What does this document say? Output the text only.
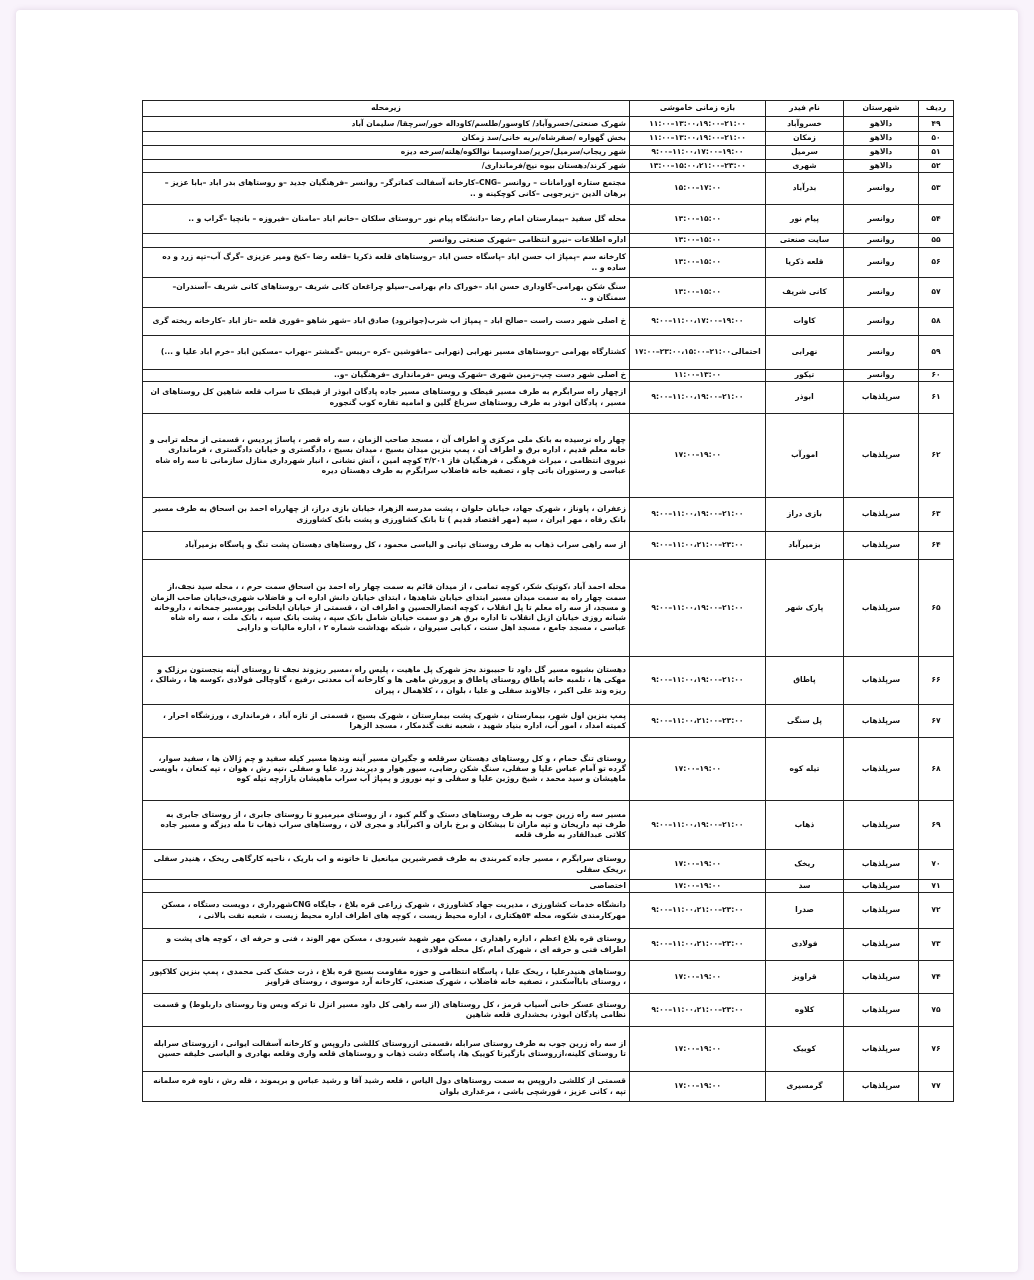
ردیف	شهرستان	نام فیدر	بازه زمانی خاموشی	زیرمحله
۴۹	دالاهو	خسروآباد	۱۱:۰۰–۱۳:۰۰،۱۹:۰۰–۲۱:۰۰	شهرک صنعتی/خسروآباد/ کاوسور/طلسم/کاوداله خور/سرچقا/ سلیمان آباد
۵۰	دالاهو	زمکان	۱۱:۰۰–۱۳:۰۰،۱۹:۰۰–۲۱:۰۰	بخش گهواره /صفرشاه/بریه خانی/سد زمکان
۵۱	دالاهو	سرمیل	۹:۰۰–۱۱:۰۰،۱۷:۰۰–۱۹:۰۰	شهر ریجاب/سرمیل/حریر/صداوسیما نوالکوه/هلته/سرخه دیزه
۵۲	دالاهو	شهری	۱۳:۰۰–۱۵:۰۰،۲۱:۰۰–۲۳:۰۰	شهر کرند/دهستان بیوه نیج/فرمانداری/
۵۳	روانسر	بدرآباد	۱۵:۰۰–۱۷:۰۰	مجتمع ستاره اورامانات – روانسر –CNG–کارخانه آسفالت کماترگر– روانسر –فرهنگیان جدید –و روستاهای بدر اباد –بابا عزیز –برهان الدین –زیرجویی –کانی کوچکینه و ..
۵۴	روانسر	پیام نور	۱۳:۰۰–۱۵:۰۰	محله گل سفید –بیمارستان امام رضا –دانشگاه پیام نور –روستای سلکان –خانم اباد –مامنان –فیروزه – بانچیا –گراب و ..
۵۵	روانسر	سایت صنعتی	۱۳:۰۰–۱۵:۰۰	اداره اطلاعات –نیرو انتظامی –شهرک صنعتی روانسر
۵۶	روانسر	قلعه ذکریا	۱۳:۰۰–۱۵:۰۰	کارخانه سم –پمپاژ اب حسن اباد –پاسگاه حسن اباد –روستاهای قلعه ذکریا –قلعه رضا –کیخ ومیر عزیزی –گرگ آب–تپه زرد و ده ساده و ..
۵۷	روانسر	کانی شریف	۱۳:۰۰–۱۵:۰۰	سنگ شکن بهرامی–گاوداری حسن اباد –خوراک دام بهرامی–سیلو چراغعان کانی شریف –روستاهای کانی شریف –آسندران–سمنگان و ..
۵۸	روانسر	کاوات	۹:۰۰–۱۱:۰۰،۱۷:۰۰–۱۹:۰۰	خ اصلی شهر دست راست –صالح اباد – پمپاژ اب شرب(جوانرود) صادق اباد –شهر شاهو –قوری قلعه –تاز اباد –کارخانه ریخته گری
۵۹	روانسر	نهرابی	احتمالی۲۱:۰۰–۲۳:۰۰،۱۵:۰۰–۱۷:۰۰	کشتارگاه بهرامی –روستاهای مسیر نهرابی (نهرابی –ماقوشین –کره –ریبس –گمشتر –نهراب –مسکین اباد –خرم اباد علیا و ...)
۶۰	روانسر	تیکور	۱۱:۰۰–۱۳:۰۰	خ اصلی شهر دست چپ–زمین شهری –شهرک ویس –فرمانداری –فرهنگیان –و..
۶۱	سرپلذهاب	ابوذر	۹:۰۰–۱۱:۰۰،۱۹:۰۰–۲۱:۰۰	ازچهار راه سرابگرم به طرف مسیر قیطک و روستاهای مسیر جاده پادگان ابوذر از قیطک تا سراب قلعه شاهین کل روستاهای ان مسیر ، پادگان ابوذر به طرف روستاهای سرباغ گلین و امامیه تقاره کوب گنجوره
۶۲	سرپلذهاب	امورآب	۱۷:۰۰–۱۹:۰۰	چهار راه نرسیده به بانک ملی مرکزی و اطراف آن ، مسجد صاحب الزمان ، سه راه قصر ، پاساژ پردیس ، قسمتی از محله ترابی و خانه معلم قدیم ، اداره برق و اطراف آن ، پمپ بنزین میدان بسیج ، میدان بسیج ، دادگستری و خیابان دادگستری ، فرمانداری نیروی انتظامی ، میراث فرهنگی ، فرهنگیان فاز ۳/۲۰۱ کوچه امین ، آتش نشانی ، انبار شهرداری منازل سازمانی تا سه راه شاه عباسی و رستوران باتی چاو ، تصفیه خانه فاضلاب سرابگرم به طرف دهستان دیره
۶۳	سرپلذهاب	بازی دراز	۹:۰۰–۱۱:۰۰،۱۹:۰۰–۲۱:۰۰	زعفران ، پاوناز ، شهرک جهاد، خیابان حلوان ، پشت مدرسه الزهرا، خیابان بازی دراز، از چهارراه احمد بن اسحاق به طرف مسیر بانک رفاه ، مهر ایران ، سپه (مهر اقتصاد قدیم ) تا بانک کشاورزی و پشت بانک کشاورزی
۶۴	سرپلذهاب	بزمیرآباد	۹:۰۰–۱۱:۰۰،۲۱:۰۰–۲۳:۰۰	از سه راهی سراب ذهاب به طرف روستای تپانی و الیاسی محمود ، کل روستاهای دهستان پشت تنگ و پاسگاه بزمیرآباد
۶۵	سرپلذهاب	پارک شهر	۹:۰۰–۱۱:۰۰،۱۹:۰۰–۲۱:۰۰	محله احمد آباد ،کوتیک شکر، کوچه تمامی ، از میدان قائم به سمت چهار راه احمد بن اسحاق سمت حرم ، ، محله سید نجف،از سمت چهار راه به سمت میدان مسیر ابتدای خیابان شاهدها ، ابتدای خیابان دانش اداره اب و فاضلاب شهری،خیابان صاحب الزمان و مسجد، از سه راه معلم تا پل انقلاب ، کوچه انصارالحسین و اطراف ان ، قسمتی از خیابان ایلخانی پورمسیر جمخانه ، داروخانه شبانه روزی خیابان ازیل انقلاب تا اداره برق هر دو سمت خیابان شامل بانک سپه ، پشت بانک سپه ، بانک ملت ، سه راه شاه عباسی ، مسجد جامع ، مسجد اهل سنت ، کبابی سیروان ، شبکه بهداشت شماره ۲ ، اداره مالیات و دارایی
۶۶	سرپلذهاب	پاطاق	۹:۰۰–۱۱:۰۰،۱۹:۰۰–۲۱:۰۰	دهستان بشیوه مسیر گل داود تا حبیبوند بجز شهرک پل ماهیت ، پلیس راه ،مسیر ریزوند نجف تا روستای آینه ینجستون برزلک و مهکی ها ، تلمبه خانه پاطاق روستای پاطاق و پرورش ماهی ها و کارخانه آب معدنی ،رفیع ، گاوچالی فولادی ،کوسه ها ، رشالک ، ریزه وند علی اکبر ، جالاوند سفلی و علیا ، بلوان ، ، کلاهمال ، پیران
۶۷	سرپلذهاب	پل سنگی	۹:۰۰–۱۱:۰۰،۲۱:۰۰–۲۳:۰۰	پمپ بنزین اول شهر، بیمارستان ، شهرک پشت بیمارستان ، شهرک بسیج ، قسمتی از تازه آباد ، فرمانداری ، ورزشگاه احرار ، کمیته امداد ، امور آب، اداره بنیاد شهید ، شعبه نفت گندمکار ، مسجد الزهرا
۶۸	سرپلذهاب	تیله کوه	۱۷:۰۰–۱۹:۰۰	روستای تنگ حمام ، و کل روستاهای دهستان سرقلعه و جگیران مسیر آینه وندها مسیر کیله سفید و چم ژالان ها ، سفید سوار، گرده تو آمام عباس علیا و سفلی، سنگ شکن رضایی، سیور هوار و دیربند زرد علیا و سفلی ،تپه رش ، هوان ، تپه کنعان ، باویسی ماهیشان و سید محمد ، شیخ روژین علیا و سفلی و تپه نوروز و پمپاژ آب سراب ماهیشان بازارچه تیله کوه
۶۹	سرپلذهاب	ذهاب	۹:۰۰–۱۱:۰۰،۱۹:۰۰–۲۱:۰۰	مسیر سه راه زرین جوب به طرف روستاهای دستک و گلم کبود ، از روستای میرمیرو تا روستای جابری ، از روستای جابری به طرف تپه داریخان و تپه ماران تا بیشکان و برخ باران و اکبرآباد و مجری لان ، روستاهای سراب ذهاب تا مله دیزگه و مسیر جاده کلاتی عبدالقادر به طرف قلعه
۷۰	سرپلذهاب	ریخک	۱۷:۰۰–۱۹:۰۰	روستای سرابگرم ، مسیر جاده کمربندی به طرف قصرشیرین میانعیل تا خاتونه و اب باریک ، ناحیه کارگاهی ریخک ، هنیدر سفلی ،ریخک سفلی
۷۱	سرپلذهاب	سد	۱۷:۰۰–۱۹:۰۰	اختصاصی
۷۲	سرپلذهاب	صدرا	۹:۰۰–۱۱:۰۰،۲۱:۰۰–۲۳:۰۰	دانشگاه خدمات کشاورزی ، مدیریت جهاد کشاورزی ، شهرک زراعی قره بلاغ ، جایگاه CNGشهرداری ، دویست دستگاه ، مسکن مهرکارمندی شکوه، محله ۵۴هکتاری ، اداره محیط زیست ، کوچه های اطراف اداره محیط زیست ، شعبه نفت بالانی ،
۷۳	سرپلذهاب	فولادی	۹:۰۰–۱۱:۰۰،۲۱:۰۰–۲۳:۰۰	روستای قره بلاغ اعظم ، اداره راهداری ، مسکن مهر شهید شیرودی ، مسکن مهر الوند ، فنی و حرفه ای ، کوچه های پشت و اطراف فنی و حرفه ای ، شهرک امام ،کل محله فولادی ،
۷۴	سرپلذهاب	قراویز	۱۷:۰۰–۱۹:۰۰	روستاهای هنیدرعلیا ، ریخک علیا ، پاسگاه انتظامی و حوزه مقاومت بسیج قره بلاغ ، ذرت خشک کنی محمدی ، پمپ بنزین کلاکپور ، روستای باباآسکندر ، تصفیه خانه فاضلاب ، شهرک صنعتی، کارخانه آرد موسوی ، روستای قراویز
۷۵	سرپلذهاب	کلاوه	۹:۰۰–۱۱:۰۰،۲۱:۰۰–۲۳:۰۰	روستای عسکر خانی آسیاب قرمز ، کل روستاهای (از سه راهی کل داود مسیر انزل تا ترکه ویس وتا روستای داربلوط) و قسمت نظامی پادگان ابوذر، بخشداری قلعه شاهین
۷۶	سرپلذهاب	کوییک	۱۷:۰۰–۱۹:۰۰	از سه راه زرین جوب به طرف روستای سرابله ،قسمتی ازروستای کللشی داروپس و کارخانه آسفالت ایوانی ، ازروستای سرابله تا روستای کلینه،ازروستای بازگیرتا کوییک ها، پاسگاه دشت ذهاب و روستاهای قلعه واری وقلعه بهادری و الیاسی خلیفه حسین
۷۷	سرپلذهاب	گرمسیری	۱۷:۰۰–۱۹:۰۰	قسمتی از کللشی داروپس به سمت روستاهای دول الیاس ، قلعه رشید آقا و رشید عباس و بریموند ، قله رش ، ناوه فره سلمانه تپه ، کانی عزیز ، قورشچی باشی ، مرغداری بلوان
